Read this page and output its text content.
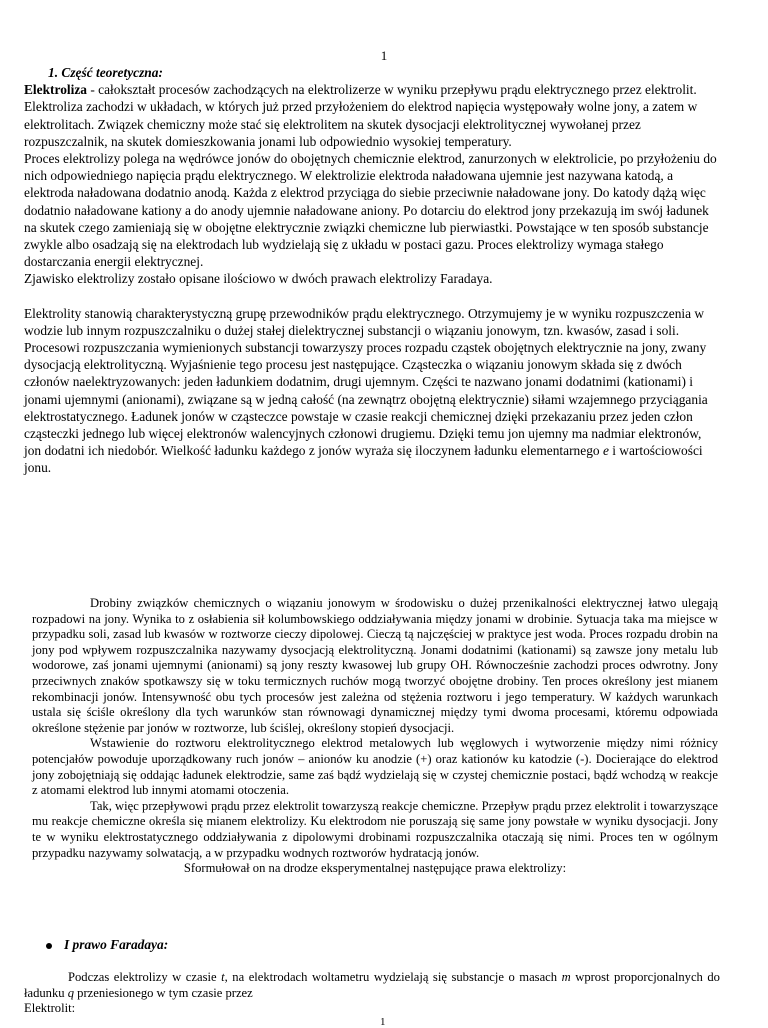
1

1. Część teoretyczna:

Elektroliza - całokształt procesów zachodzących na elektrolizerze w wyniku przepływu prądu elektrycznego przez elektrolit.

Elektroliza zachodzi w układach, w których już przed przyłożeniem do elektrod napięcia występowały wolne jony, a zatem w elektrolitach. Związek chemiczny może stać się elektrolitem na skutek dysocjacji elektrolitycznej wywołanej przez rozpuszczalnik, na skutek domieszkowania jonami lub odpowiednio wysokiej temperatury.

Proces elektrolizy polega na wędrówce jonów do obojętnych chemicznie elektrod, zanurzonych w elektrolicie, po przyłożeniu do nich odpowiedniego napięcia prądu elektrycznego. W elektrolizie elektroda naładowana ujemnie jest nazywana katodą, a elektroda naładowana dodatnio anodą. Każda z elektrod przyciąga do siebie przeciwnie naładowane jony. Do katody dążą więc dodatnio naładowane kationy a do anody ujemnie naładowane aniony. Po dotarciu do elektrod jony przekazują im swój ładunek na skutek czego zamieniają się w obojętne elektrycznie związki chemiczne lub pierwiastki. Powstające w ten sposób substancje zwykle albo osadzają się na elektrodach lub wydzielają się z układu w postaci gazu. Proces elektrolizy wymaga stałego dostarczania energii elektrycznej.

Zjawisko elektrolizy zostało opisane ilościowo w dwóch prawach elektrolizy Faradaya.

Elektrolity stanowią charakterystyczną grupę przewodników prądu elektrycznego. Otrzymujemy je w wyniku rozpuszczenia w wodzie lub innym rozpuszczalniku o dużej stałej dielektrycznej substancji o wiązaniu jonowym, tzn. kwasów, zasad i soli. Procesowi rozpuszczania wymienionych substancji towarzyszy proces rozpadu cząstek obojętnych elektrycznie na jony, zwany dysocjacją elektrolityczną. Wyjaśnienie tego procesu jest następujące. Cząsteczka o wiązaniu jonowym składa się z dwóch członów naelektryzowanych: jeden ładunkiem dodatnim, drugi ujemnym. Części te nazwano jonami dodatnimi (kationami) i jonami ujemnymi (anionami), związane są w jedną całość (na zewnątrz obojętną elektrycznie) siłami wzajemnego przyciągania elektrostatycznego. Ładunek jonów w cząsteczce powstaje w czasie reakcji chemicznej dzięki przekazaniu przez jeden człon cząsteczki jednego lub więcej elektronów walencyjnych członowi drugiemu. Dzięki temu jon ujemny ma nadmiar elektronów, jon dodatni ich niedobór. Wielkość ładunku każdego z jonów wyraża się iloczynem ładunku elementarnego e i wartościowości jonu.

Drobiny związków chemicznych o wiązaniu jonowym w środowisku o dużej przenikalności elektrycznej łatwo ulegają rozpadowi na jony. Wynika to z osłabienia sił kolumbowskiego oddziaływania między jonami w drobinie. Sytuacja taka ma miejsce w przypadku soli, zasad lub kwasów w roztworze cieczy dipolowej. Cieczą tą najczęściej w praktyce jest woda. Proces rozpadu drobin na jony pod wpływem rozpuszczalnika nazywamy dysocjacją elektrolityczną. Jonami dodatnimi (kationami) są zawsze jony metalu lub wodorowe, zaś jonami ujemnymi (anionami) są jony reszty kwasowej lub grupy OH. Równocześnie zachodzi proces odwrotny. Jony przeciwnych znaków spotkawszy się w toku termicznych ruchów mogą tworzyć obojętne drobiny. Ten proces określony jest mianem rekombinacji jonów. Intensywność obu tych procesów jest zależna od stężenia roztworu i jego temperatury. W każdych warunkach ustala się ściśle określony dla tych warunków stan równowagi dynamicznej między tymi dwoma procesami, któremu odpowiada określone stężenie par jonów w roztworze, lub ściślej, określony stopień dysocjacji.

Wstawienie do roztworu elektrolitycznego elektrod metalowych lub węglowych i wytworzenie między nimi różnicy potencjałów powoduje uporządkowany ruch jonów – anionów ku anodzie (+) oraz kationów ku katodzie (-). Docierające do elektrod jony zobojętniają się oddając ładunek elektrodzie, same zaś bądź wydzielają się w czystej chemicznie postaci, bądź wchodzą w reakcje z atomami elektrod lub innymi atomami otoczenia.

Tak, więc przepływowi prądu przez elektrolit towarzyszą reakcje chemiczne. Przepływ prądu przez elektrolit i towarzyszące mu reakcje chemiczne określa się mianem elektrolizy. Ku elektrodom nie poruszają się same jony powstałe w wyniku dysocjacji. Jony te w wyniku elektrostatycznego oddziaływania z dipolowymi drobinami rozpuszczalnika otaczają się nimi. Proces ten w ogólnym przypadku nazywamy solwatacją, a w przypadku wodnych roztworów hydratacją jonów.

Sformułował on na drodze eksperymentalnej następujące prawa elektrolizy:

I prawo Faradaya:

Podczas elektrolizy w czasie t, na elektrodach woltametru wydzielają się substancje o masach m wprost proporcjonalnych do ładunku q przeniesionego w tym czasie przez

Elektrolit:

1
